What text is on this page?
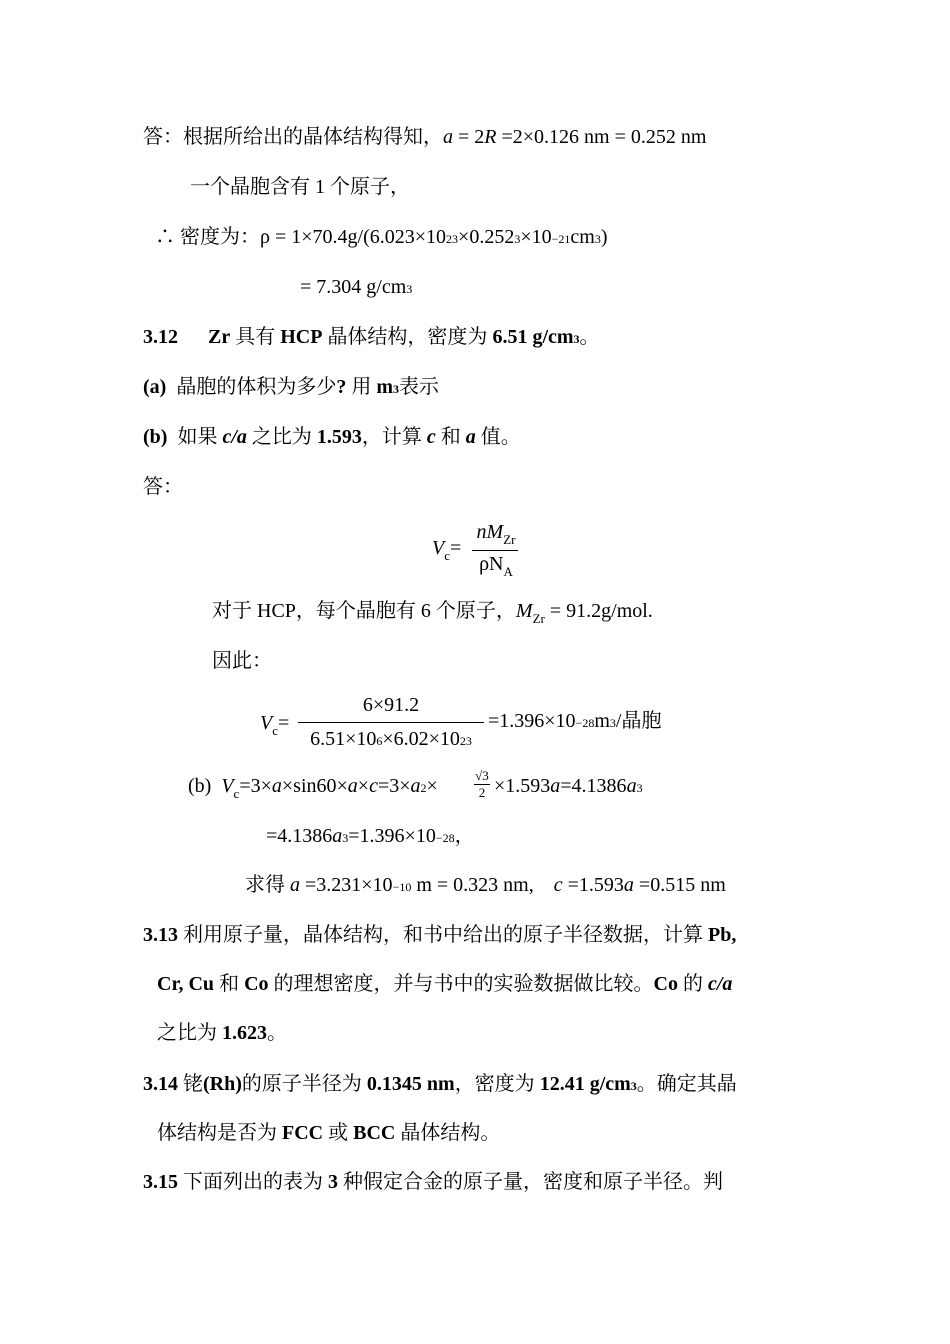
答：根据所给出的晶体结构得知，a = 2R =2×0.126 nm = 0.252 nm
一个晶胞含有 1 个原子，
∴ 密度为：ρ = 1×70.4g/(6.023×1023×0.2523×10−21cm3)
= 7.304 g/cm3
3.12 Zr 具有 HCP 晶体结构，密度为 6.51 g/cm3。
(a) 晶胞的体积为多少? 用 m3表示
(b) 如果 c/a 之比为 1.593，计算 c 和 a 值。
答：
$V_c=$
$nM_{Zr}$
$\rho N_A$
对于 HCP，每个晶胞有 6 个原子，$M_{Zr} = 91.2g/mol$.
因此：
$V_c=$
6×91.2
6.51×106×6.02×1023
=1.396×10−28m3/晶胞
(b) $V_c=3\times a\times\sin 60\times a\times c=3\times a2\times$	√3
2 ×1.593a=4.1386a3
=4.1386a3=1.396×10−28，
求得 a =3.231×10−10 m = 0.323 nm,    c =1.593a =0.515 nm
3.13 利用原子量，晶体结构，和书中给出的原子半径数据，计算 Pb,
Cr, Cu 和 Co 的理想密度，并与书中的实验数据做比较。Co 的 c/a
之比为 1.623。
3.14 铑(Rh)的原子半径为 0.1345 nm，密度为 12.41 g/cm3。确定其晶
体结构是否为 FCC 或 BCC 晶体结构。
3.15 下面列出的表为 3 种假定合金的原子量，密度和原子半径。判
